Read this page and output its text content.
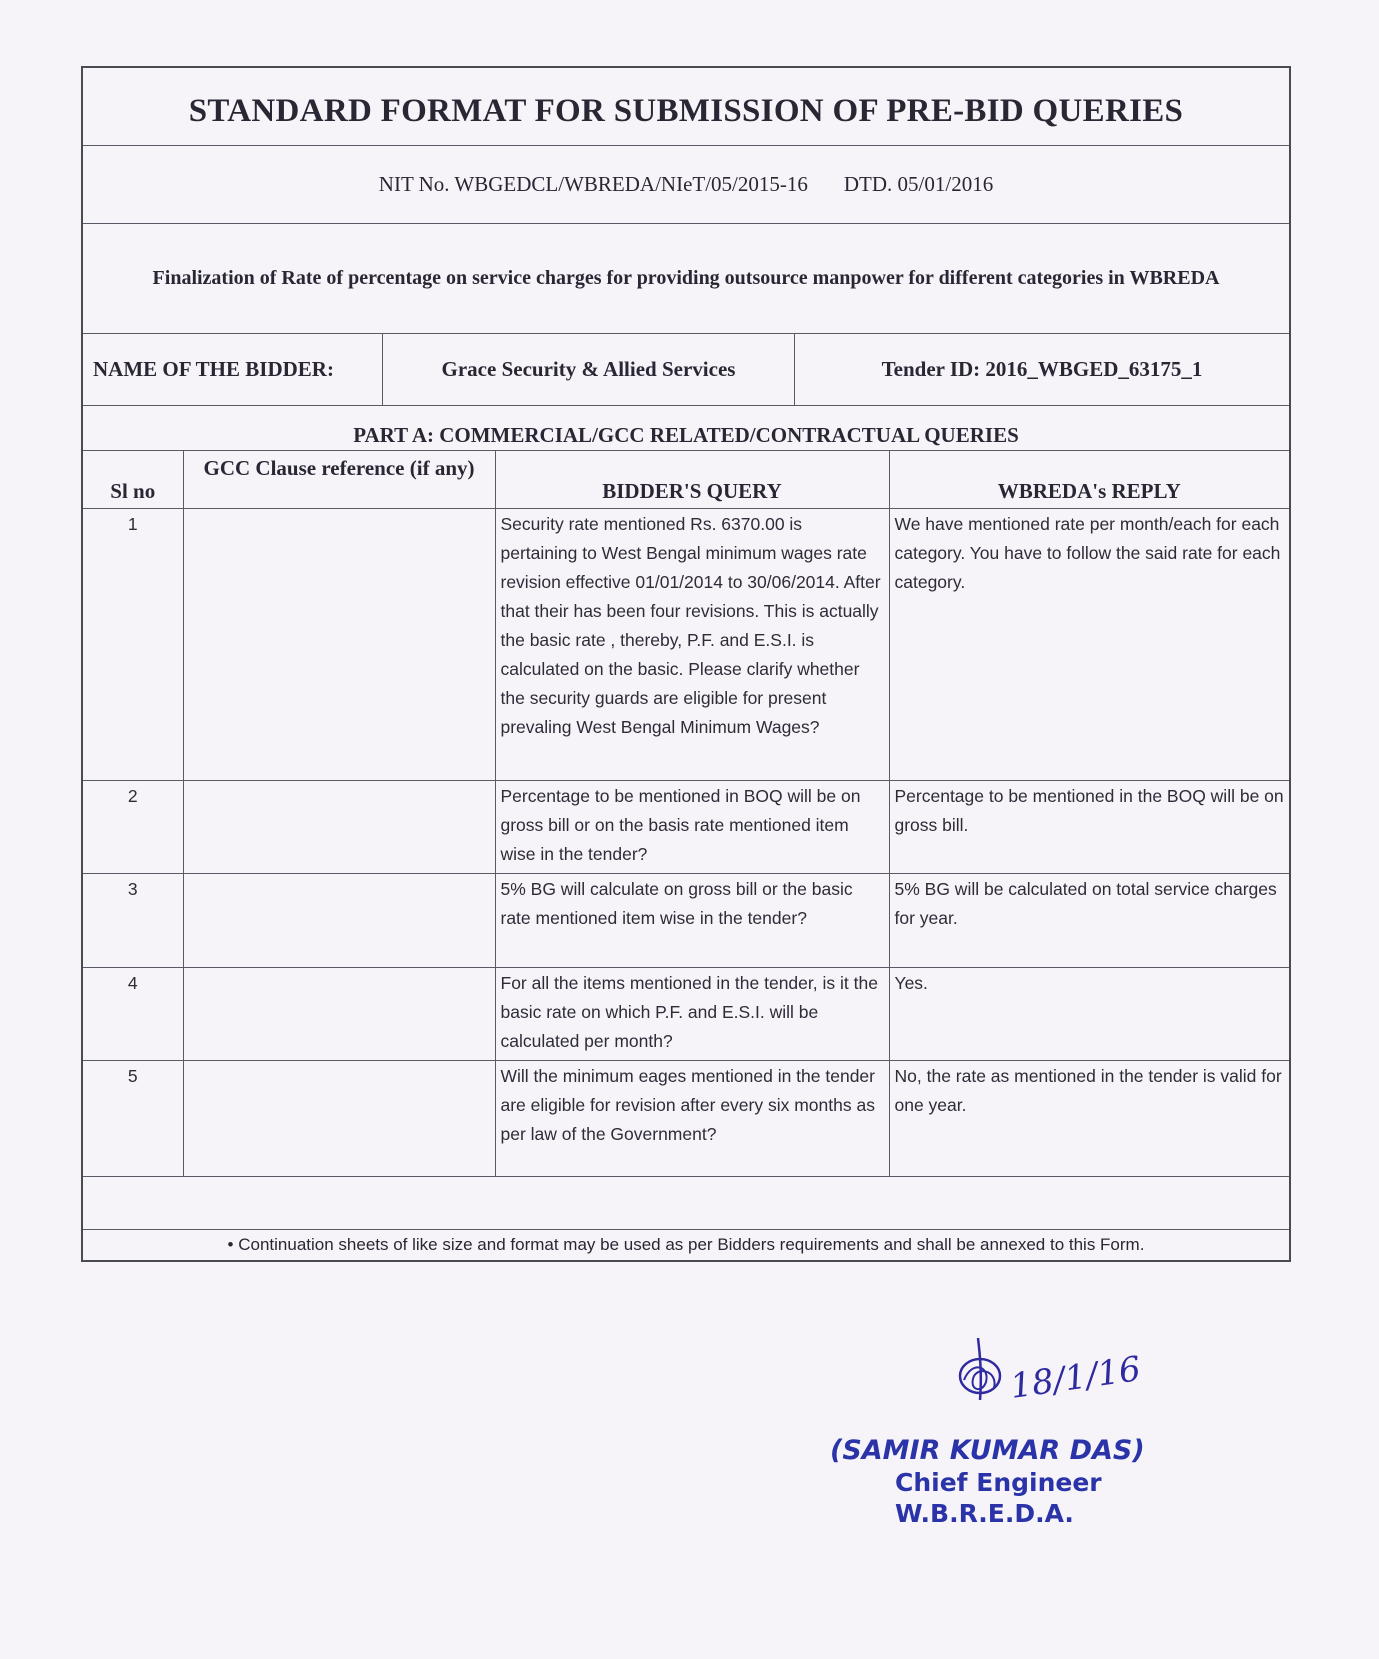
STANDARD FORMAT FOR SUBMISSION OF PRE-BID QUERIES
NIT No. WBGEDCL/WBREDA/NIeT/05/2015-16 DTD. 05/01/2016
Finalization of Rate of percentage on service charges for providing outsource manpower for different categories in WBREDA
NAME OF THE BIDDER:	Grace Security & Allied Services	Tender ID: 2016_WBGED_63175_1
PART A: COMMERCIAL/GCC RELATED/CONTRACTUAL QUERIES
Sl no	GCC Clause reference (if any)	BIDDER'S QUERY	WBREDA's REPLY
1		Security rate mentioned Rs. 6370.00 is pertaining to West Bengal minimum wages rate revision effective 01/01/2014 to 30/06/2014. After that their has been four revisions. This is actually the basic rate , thereby, P.F. and E.S.I. is calculated on the basic. Please clarify whether the security guards are eligible for present prevaling West Bengal Minimum Wages?	We have mentioned rate per month/each for each category. You have to follow the said rate for each category.
2		Percentage to be mentioned in BOQ will be on gross bill or on the basis rate mentioned item wise in the tender?	Percentage to be mentioned in the BOQ will be on gross bill.
3		5% BG will calculate on gross bill or the basic rate mentioned item wise in the tender?	5% BG will be calculated on total service charges for year.
4		For all the items mentioned in the tender, is it the basic rate on which P.F. and E.S.I. will be calculated per month?	Yes.
5		Will the minimum eages mentioned in the tender are eligible for revision after every six months as per law of the Government?	No, the rate as mentioned in the tender is valid for one year.
• Continuation sheets of like size and format may be used as per Bidders requirements and shall be annexed to this Form.
18/1/16
(SAMIR KUMAR DAS)
Chief Engineer
W.B.R.E.D.A.
